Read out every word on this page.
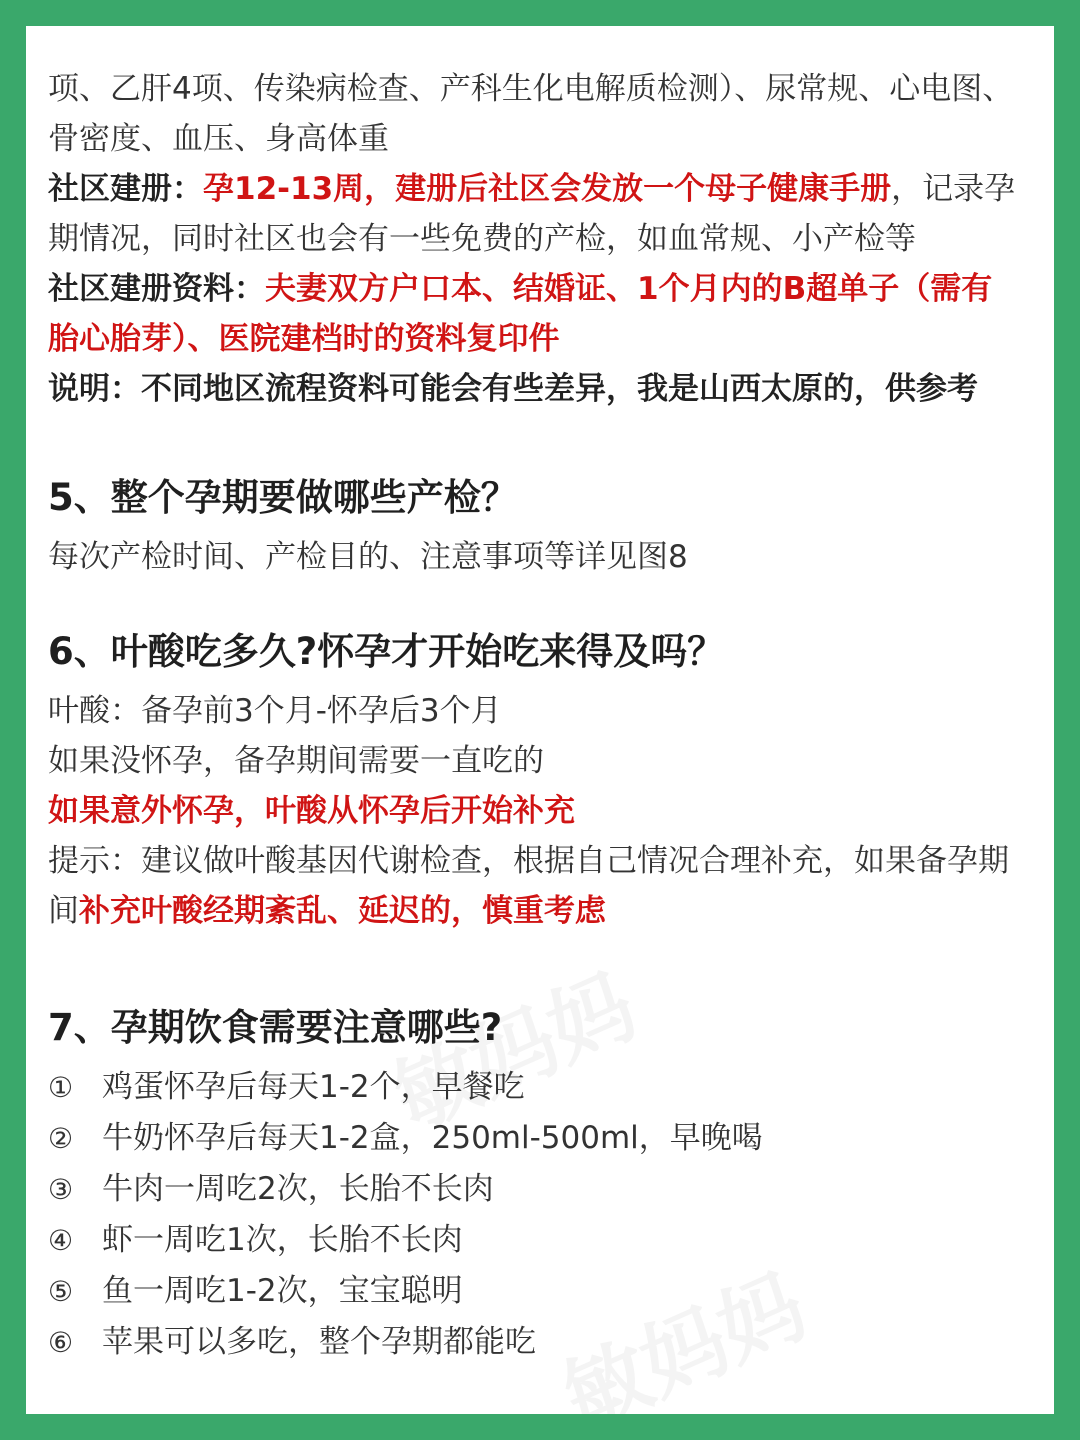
项、乙肝4项、传染病检查、产科生化电解质检测）、尿常规、心电图、
骨密度、血压、身高体重
社区建册：孕12-13周，建册后社区会发放一个母子健康手册，记录孕
期情况，同时社区也会有一些免费的产检，如血常规、小产检等
社区建册资料：夫妻双方户口本、结婚证、1个月内的B超单子（需有
胎心胎芽）、医院建档时的资料复印件
说明：不同地区流程资料可能会有些差异，我是山西太原的，供参考
5、整个孕期要做哪些产检？
每次产检时间、产检目的、注意事项等详见图8
6、叶酸吃多久?怀孕才开始吃来得及吗？
叶酸：备孕前3个月-怀孕后3个月
如果没怀孕，备孕期间需要一直吃的
如果意外怀孕，叶酸从怀孕后开始补充
提示：建议做叶酸基因代谢检查，根据自己情况合理补充，如果备孕期
间补充叶酸经期紊乱、延迟的，慎重考虑
7、孕期饮食需要注意哪些?
① 鸡蛋怀孕后每天1-2个，早餐吃
② 牛奶怀孕后每天1-2盒，250ml-500ml，早晚喝
③ 牛肉一周吃2次，长胎不长肉
④ 虾一周吃1次，长胎不长肉
⑤ 鱼一周吃1-2次，宝宝聪明
⑥ 苹果可以多吃，整个孕期都能吃
